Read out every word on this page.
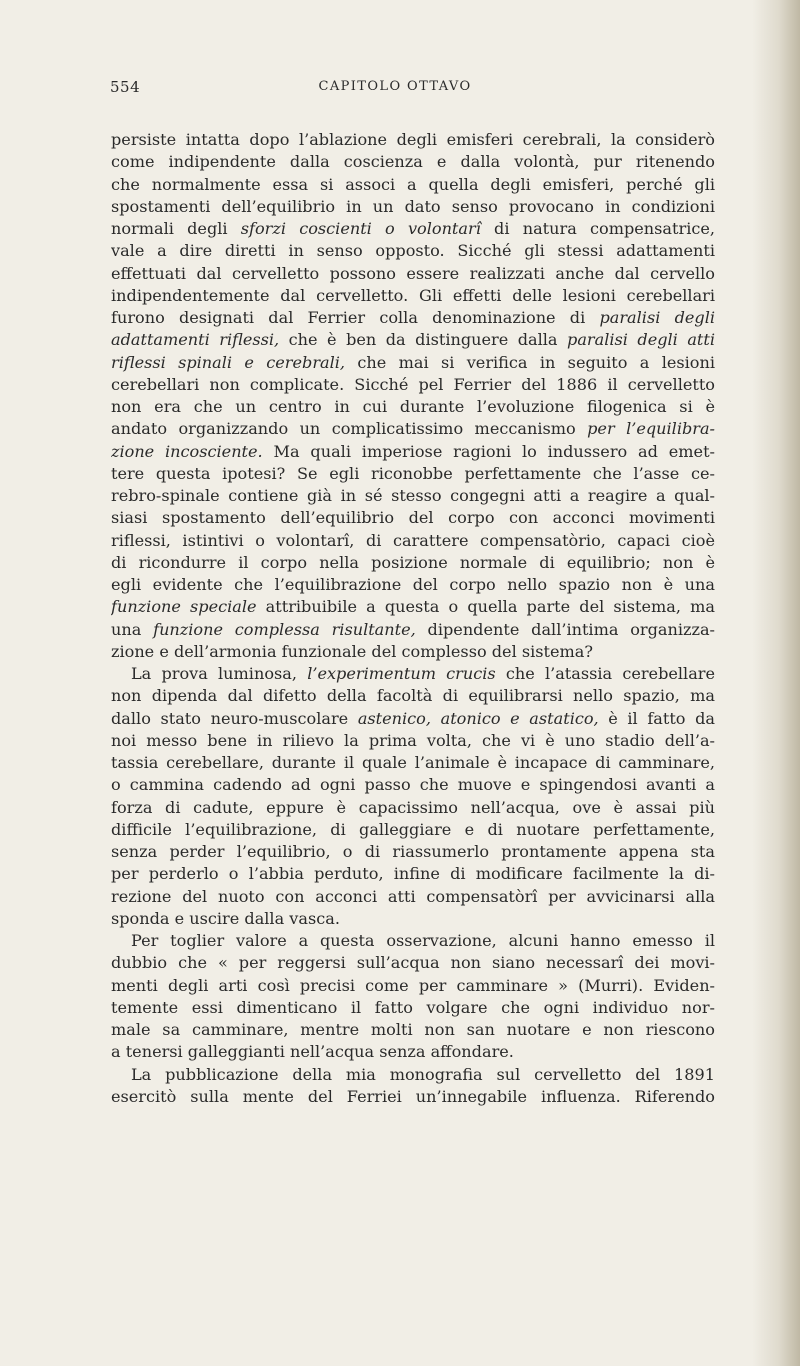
554	CAPITOLO OTTAVO
persiste intatta dopo l’ablazione degli emisferi cerebrali, la considerò
come indipendente dalla coscienza e dalla volontà, pur ritenendo
che normalmente essa si associ a quella degli emisferi, perché gli
spostamenti dell’equilibrio in un dato senso provocano in condizioni
normali degli sforzi coscienti o volontarî di natura compensatrice,
vale a dire diretti in senso opposto. Sicché gli stessi adattamenti
effettuati dal cervelletto possono essere realizzati anche dal cervello
indipendentemente dal cervelletto. Gli effetti delle lesioni cerebellari
furono designati dal Ferrier colla denominazione di paralisi degli
adattamenti riflessi, che è ben da distinguere dalla paralisi degli atti
riflessi spinali e cerebrali, che mai si verifica in seguito a lesioni
cerebellari non complicate. Sicché pel Ferrier del 1886 il cervelletto
non era che un centro in cui durante l’evoluzione filogenica si è
andato organizzando un complicatissimo meccanismo per l’equilibra-
zione incosciente. Ma quali imperiose ragioni lo indussero ad emet-
tere questa ipotesi? Se egli riconobbe perfettamente che l’asse ce-
rebro-spinale contiene già in sé stesso congegni atti a reagire a qual-
siasi spostamento dell’equilibrio del corpo con acconci movimenti
riflessi, istintivi o volontarî, di carattere compensatòrio, capaci cioè
di ricondurre il corpo nella posizione normale di equilibrio; non è
egli evidente che l’equilibrazione del corpo nello spazio non è una
funzione speciale attribuibile a questa o quella parte del sistema, ma
una funzione complessa risultante, dipendente dall’intima organizza-
zione e dell’armonia funzionale del complesso del sistema?
La prova luminosa, l’experimentum crucis che l’atassia cerebellare
non dipenda dal difetto della facoltà di equilibrarsi nello spazio, ma
dallo stato neuro-muscolare astenico, atonico e astatico, è il fatto da
noi messo bene in rilievo la prima volta, che vi è uno stadio dell’a-
tassia cerebellare, durante il quale l’animale è incapace di camminare,
o cammina cadendo ad ogni passo che muove e spingendosi avanti a
forza di cadute, eppure è capacissimo nell’acqua, ove è assai più
difficile l’equilibrazione, di galleggiare e di nuotare perfettamente,
senza perder l’equilibrio, o di riassumerlo prontamente appena sta
per perderlo o l’abbia perduto, infine di modificare facilmente la di-
rezione del nuoto con acconci atti compensatòrî per avvicinarsi alla
sponda e uscire dalla vasca.
Per toglier valore a questa osservazione, alcuni hanno emesso il
dubbio che « per reggersi sull’acqua non siano necessarî dei movi-
menti degli arti così precisi come per camminare » (Murri). Eviden-
temente essi dimenticano il fatto volgare che ogni individuo nor-
male sa camminare, mentre molti non san nuotare e non riescono
a tenersi galleggianti nell’acqua senza affondare.
La pubblicazione della mia monografia sul cervelletto del 1891
esercitò sulla mente del Ferriei un’innegabile influenza. Riferendo
